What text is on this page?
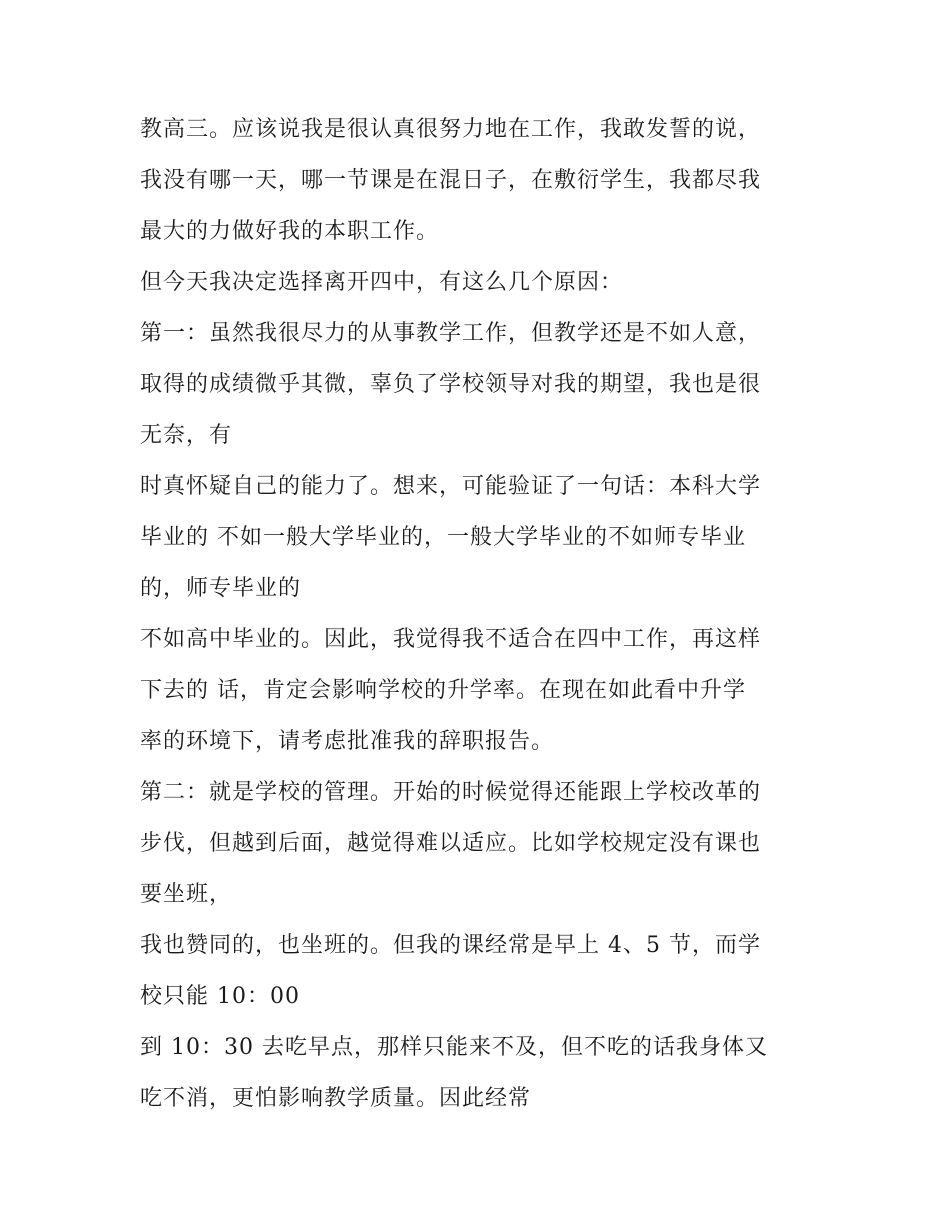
教高三。应该说我是很认真很努力地在工作，我敢发誓的说，
我没有哪一天，哪一节课是在混日子，在敷衍学生，我都尽我
最大的力做好我的本职工作。
但今天我决定选择离开四中，有这么几个原因：
第一：虽然我很尽力的从事教学工作，但教学还是不如人意，
取得的成绩微乎其微，辜负了学校领导对我的期望，我也是很
无奈，有
时真怀疑自己的能力了。想来，可能验证了一句话：本科大学
毕业的 不如一般大学毕业的，一般大学毕业的不如师专毕业
的，师专毕业的
不如高中毕业的。因此，我觉得我不适合在四中工作，再这样
下去的 话，肯定会影响学校的升学率。在现在如此看中升学
率的环境下，请考虑批准我的辞职报告。
第二：就是学校的管理。开始的时候觉得还能跟上学校改革的
步伐，但越到后面，越觉得难以适应。比如学校规定没有课也
要坐班，
我也赞同的，也坐班的。但我的课经常是早上 4、5 节，而学
校只能 10：00
到 10：30 去吃早点，那样只能来不及，但不吃的话我身体又
吃不消，更怕影响教学质量。因此经常
